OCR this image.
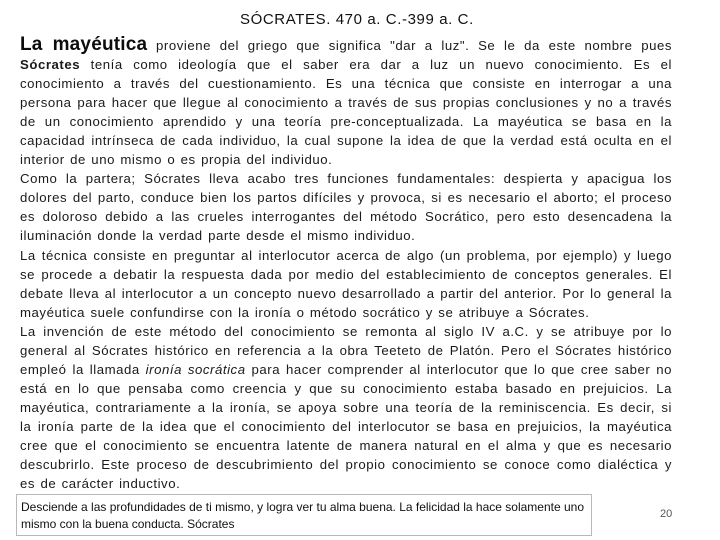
SÓCRATES. 470 a. C.-399 a. C.

La mayéutica proviene del griego que significa "dar a luz". Se le da este nombre pues Sócrates tenía como ideología que el saber era dar a luz un nuevo conocimiento. Es el conocimiento a través del cuestionamiento. Es una técnica que consiste en interrogar a una persona para hacer que llegue al conocimiento a través de sus propias conclusiones y no a través de un conocimiento aprendido y una teoría pre-conceptualizada. La mayéutica se basa en la capacidad intrínseca de cada individuo, la cual supone la idea de que la verdad está oculta en el interior de uno mismo o es propia del individuo.

Como la partera; Sócrates lleva acabo tres funciones fundamentales: despierta y apacigua los dolores del parto, conduce bien los partos difíciles y provoca, si es necesario el aborto; el proceso es doloroso debido a las crueles interrogantes del método Socrático, pero esto desencadena la iluminación donde la verdad parte desde el mismo individuo.

La técnica consiste en preguntar al interlocutor acerca de algo (un problema, por ejemplo) y luego se procede a debatir la respuesta dada por medio del establecimiento de conceptos generales. El debate lleva al interlocutor a un concepto nuevo desarrollado a partir del anterior. Por lo general la mayéutica suele confundirse con la ironía o método socrático y se atribuye a Sócrates.

La invención de este método del conocimiento se remonta al siglo IV a.C. y se atribuye por lo general al Sócrates histórico en referencia a la obra Teeteto de Platón. Pero el Sócrates histórico empleó la llamada ironía socrática para hacer comprender al interlocutor que lo que cree saber no está en lo que pensaba como creencia y que su conocimiento estaba basado en prejuicios. La mayéutica, contrariamente a la ironía, se apoya sobre una teoría de la reminiscencia. Es decir, si la ironía parte de la idea que el conocimiento del interlocutor se basa en prejuicios, la mayéutica cree que el conocimiento se encuentra latente de manera natural en el alma y que es necesario descubrirlo. Este proceso de descubrimiento del propio conocimiento se conoce como dialéctica y es de carácter inductivo.

Desciende a las profundidades de ti mismo, y logra ver tu alma buena. La felicidad la hace solamente uno mismo con la buena conducta. Sócrates
20
